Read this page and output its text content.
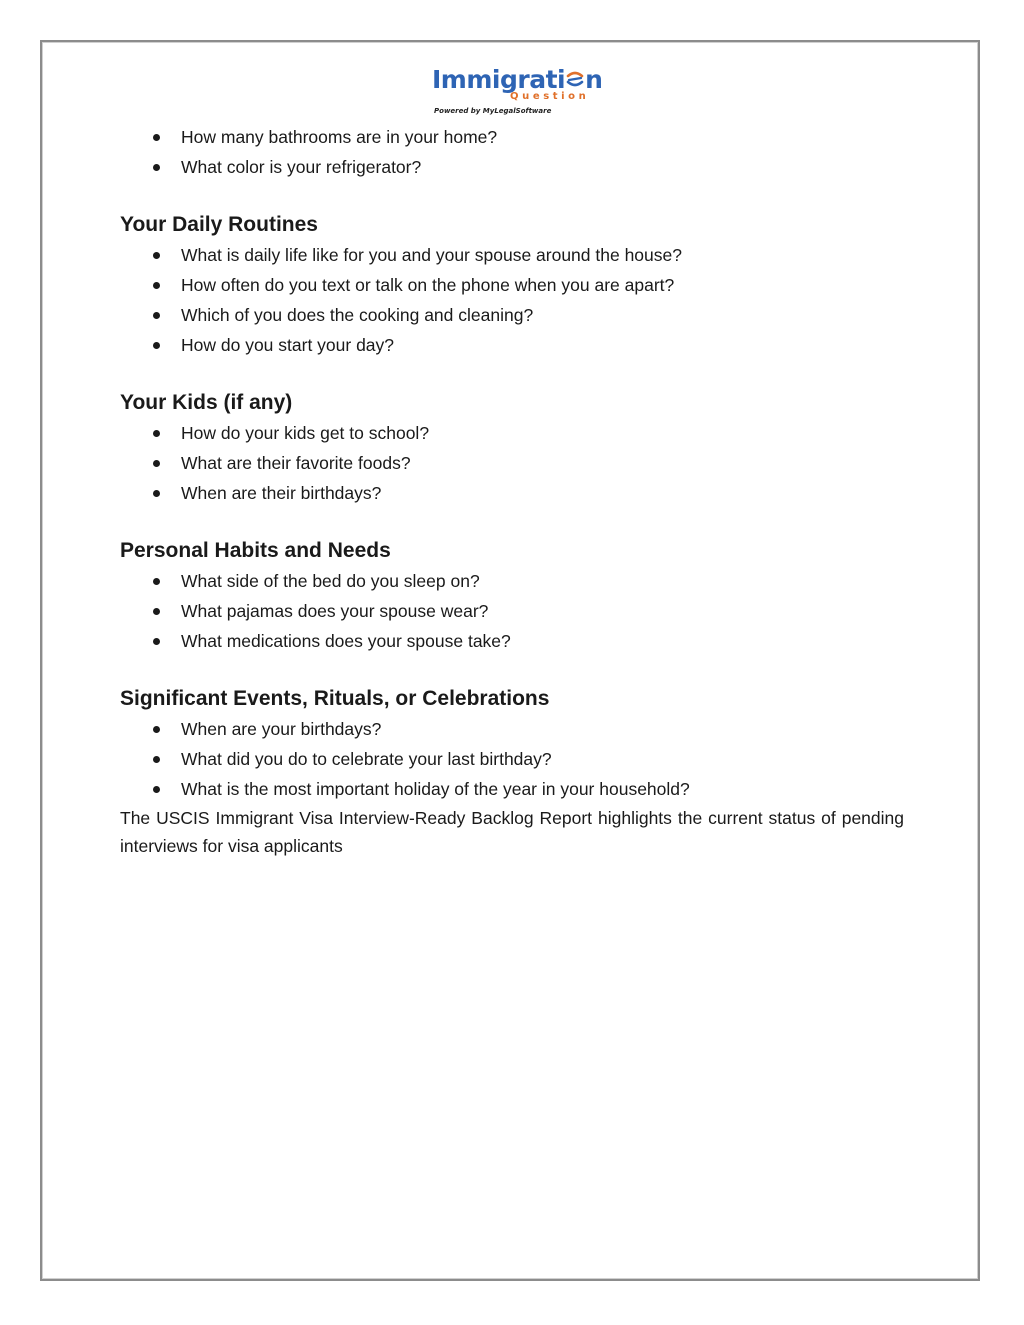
Immigrati n
Question
Powered by MyLegalSoftware
How many bathrooms are in your home?
What color is your refrigerator?
Your Daily Routines
What is daily life like for you and your spouse around the house?
How often do you text or talk on the phone when you are apart?
Which of you does the cooking and cleaning?
How do you start your day?
Your Kids (if any)
How do your kids get to school?
What are their favorite foods?
When are their birthdays?
Personal Habits and Needs
What side of the bed do you sleep on?
What pajamas does your spouse wear?
What medications does your spouse take?
Significant Events, Rituals, or Celebrations
When are your birthdays?
What did you do to celebrate your last birthday?
What is the most important holiday of the year in your household?

The USCIS Immigrant Visa Interview-Ready Backlog Report highlights the current status of pending interviews for visa applicants
